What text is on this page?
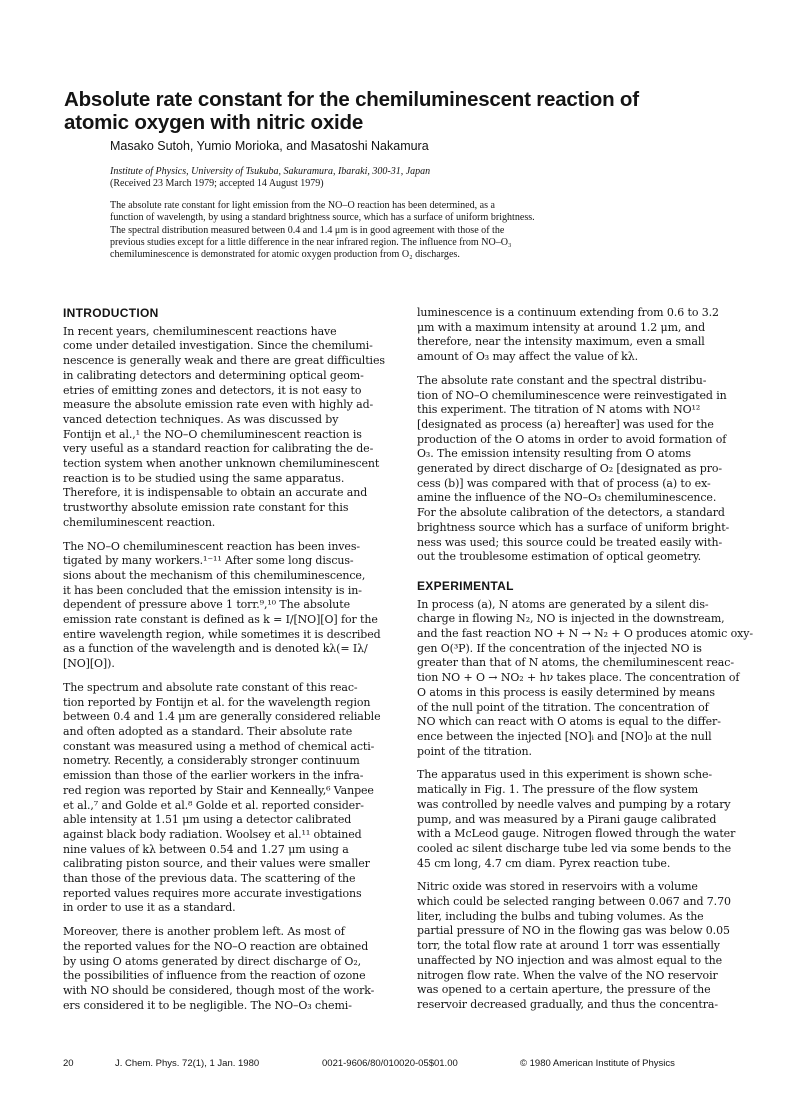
Absolute rate constant for the chemiluminescent reaction of
atomic oxygen with nitric oxide
Masako Sutoh, Yumio Morioka, and Masatoshi Nakamura
Institute of Physics, University of Tsukuba, Sakuramura, Ibaraki, 300-31, Japan
(Received 23 March 1979; accepted 14 August 1979)
The absolute rate constant for light emission from the NO–O reaction has been determined, as a
function of wavelength, by using a standard brightness source, which has a surface of uniform brightness.
The spectral distribution measured between 0.4 and 1.4 μm is in good agreement with those of the
previous studies except for a little difference in the near infrared region. The influence from NO–O₃
chemiluminescence is demonstrated for atomic oxygen production from O₂ discharges.
INTRODUCTION

In recent years, chemiluminescent reactions have
come under detailed investigation. Since the chemilumi-
nescence is generally weak and there are great difficulties
in calibrating detectors and determining optical geom-
etries of emitting zones and detectors, it is not easy to
measure the absolute emission rate even with highly ad-
vanced detection techniques. As was discussed by
Fontijn et al.,¹ the NO–O chemiluminescent reaction is
very useful as a standard reaction for calibrating the de-
tection system when another unknown chemiluminescent
reaction is to be studied using the same apparatus.
Therefore, it is indispensable to obtain an accurate and
trustworthy absolute emission rate constant for this
chemiluminescent reaction.

The NO–O chemiluminescent reaction has been inves-
tigated by many workers.¹⁻¹¹ After some long discus-
sions about the mechanism of this chemiluminescence,
it has been concluded that the emission intensity is in-
dependent of pressure above 1 torr.⁹,¹⁰ The absolute
emission rate constant is defined as k = I/[NO][O] for the
entire wavelength region, while sometimes it is described
as a function of the wavelength and is denoted kλ(= Iλ/
[NO][O]).

The spectrum and absolute rate constant of this reac-
tion reported by Fontijn et al. for the wavelength region
between 0.4 and 1.4 μm are generally considered reliable
and often adopted as a standard. Their absolute rate
constant was measured using a method of chemical acti-
nometry. Recently, a considerably stronger continuum
emission than those of the earlier workers in the infra-
red region was reported by Stair and Kenneally,⁶ Vanpee
et al.,⁷ and Golde et al.⁸ Golde et al. reported consider-
able intensity at 1.51 μm using a detector calibrated
against black body radiation. Woolsey et al.¹¹ obtained
nine values of kλ between 0.54 and 1.27 μm using a
calibrating piston source, and their values were smaller
than those of the previous data. The scattering of the
reported values requires more accurate investigations
in order to use it as a standard.

Moreover, there is another problem left. As most of
the reported values for the NO–O reaction are obtained
by using O atoms generated by direct discharge of O₂,
the possibilities of influence from the reaction of ozone
with NO should be considered, though most of the work-
ers considered it to be negligible. The NO–O₃ chemi-

luminescence is a continuum extending from 0.6 to 3.2
μm with a maximum intensity at around 1.2 μm, and
therefore, near the intensity maximum, even a small
amount of O₃ may affect the value of kλ.

The absolute rate constant and the spectral distribu-
tion of NO–O chemiluminescence were reinvestigated in
this experiment. The titration of N atoms with NO¹²
[designated as process (a) hereafter] was used for the
production of the O atoms in order to avoid formation of
O₃. The emission intensity resulting from O atoms
generated by direct discharge of O₂ [designated as pro-
cess (b)] was compared with that of process (a) to ex-
amine the influence of the NO–O₃ chemiluminescence.
For the absolute calibration of the detectors, a standard
brightness source which has a surface of uniform bright-
ness was used; this source could be treated easily with-
out the troublesome estimation of optical geometry.

EXPERIMENTAL

In process (a), N atoms are generated by a silent dis-
charge in flowing N₂, NO is injected in the downstream,
and the fast reaction NO + N → N₂ + O produces atomic oxy-
gen O(³P). If the concentration of the injected NO is
greater than that of N atoms, the chemiluminescent reac-
tion NO + O → NO₂ + hν takes place. The concentration of
O atoms in this process is easily determined by means
of the null point of the titration. The concentration of
NO which can react with O atoms is equal to the differ-
ence between the injected [NO]ᵢ and [NO]₀ at the null
point of the titration.

The apparatus used in this experiment is shown sche-
matically in Fig. 1. The pressure of the flow system
was controlled by needle valves and pumping by a rotary
pump, and was measured by a Pirani gauge calibrated
with a McLeod gauge. Nitrogen flowed through the water
cooled ac silent discharge tube led via some bends to the
45 cm long, 4.7 cm diam. Pyrex reaction tube.

Nitric oxide was stored in reservoirs with a volume
which could be selected ranging between 0.067 and 7.70
liter, including the bulbs and tubing volumes. As the
partial pressure of NO in the flowing gas was below 0.05
torr, the total flow rate at around 1 torr was essentially
unaffected by NO injection and was almost equal to the
nitrogen flow rate. When the valve of the NO reservoir
was opened to a certain aperture, the pressure of the
reservoir decreased gradually, and thus the concentra-

20	J. Chem. Phys. 72(1), 1 Jan. 1980	0021-9606/80/010020-05$01.00	© 1980 American Institute of Physics
